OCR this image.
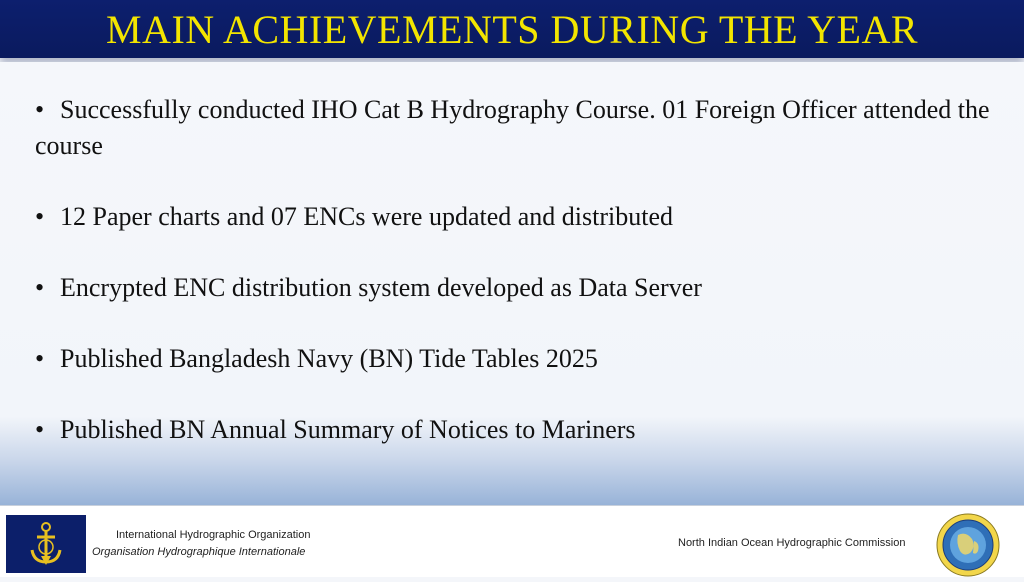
MAIN ACHIEVEMENTS DURING THE YEAR
• Successfully conducted IHO Cat B Hydrography Course. 01 Foreign Officer attended the course
• 12 Paper charts and 07 ENCs were updated and distributed
• Encrypted ENC distribution system developed as Data Server
• Published Bangladesh Navy (BN) Tide Tables 2025
• Published BN Annual Summary of Notices to Mariners
International Hydrographic Organization
Organisation Hydrographique Internationale
North Indian Ocean Hydrographic Commission
